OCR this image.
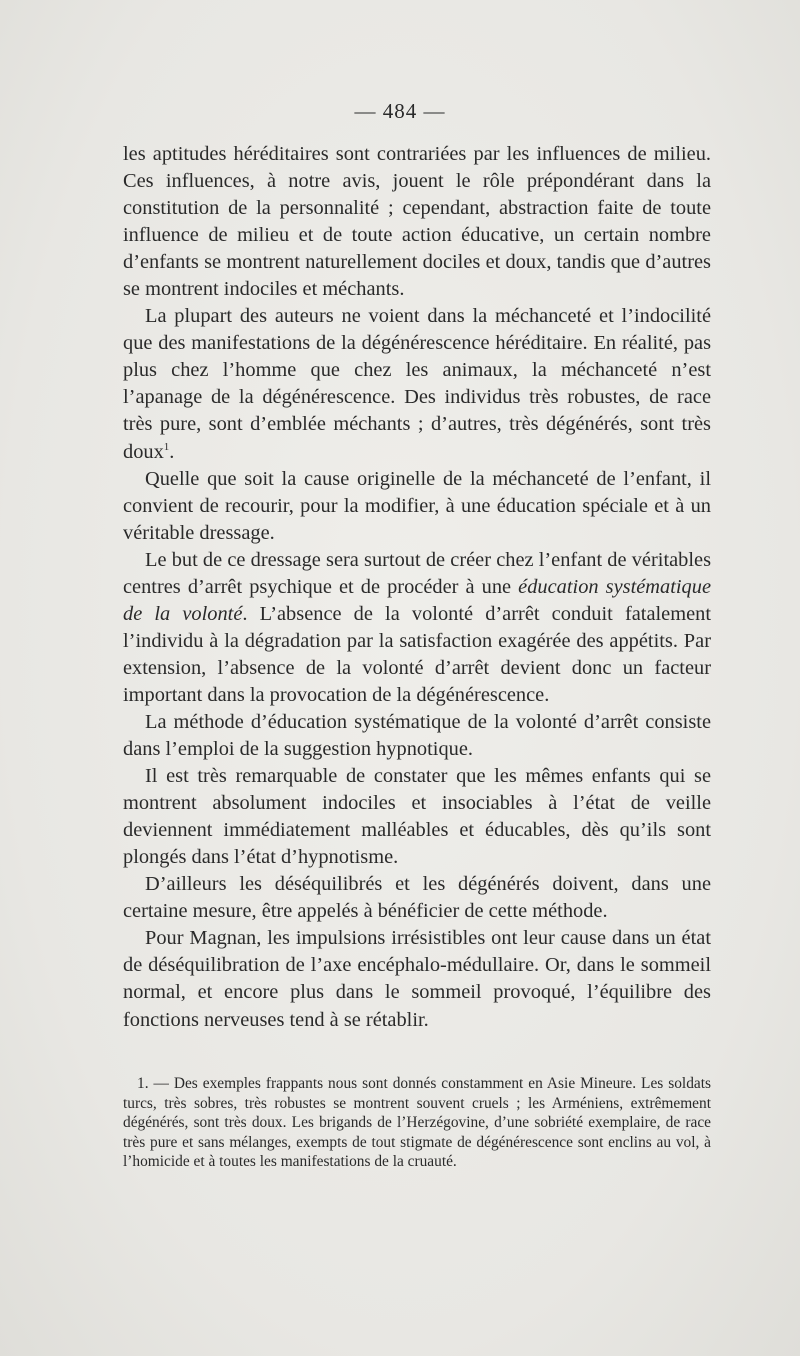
— 484 —

les aptitudes héréditaires sont contrariées par les influences de milieu. Ces influences, à notre avis, jouent le rôle prépondérant dans la constitution de la personnalité ; cependant, abstraction faite de toute influence de milieu et de toute action éducative, un certain nombre d’enfants se montrent naturellement dociles et doux, tandis que d’autres se montrent indociles et méchants.

La plupart des auteurs ne voient dans la méchanceté et l’indocilité que des manifestations de la dégénérescence héréditaire. En réalité, pas plus chez l’homme que chez les animaux, la méchanceté n’est l’apanage de la dégénérescence. Des individus très robustes, de race très pure, sont d’emblée méchants ; d’autres, très dégénérés, sont très doux$^1$.

Quelle que soit la cause originelle de la méchanceté de l’enfant, il convient de recourir, pour la modifier, à une éducation spéciale et à un véritable dressage.

Le but de ce dressage sera surtout de créer chez l’enfant de véritables centres d’arrêt psychique et de procéder à une éducation systématique de la volonté. L’absence de la volonté d’arrêt conduit fatalement l’individu à la dégradation par la satisfaction exagérée des appétits. Par extension, l’absence de la volonté d’arrêt devient donc un facteur important dans la provocation de la dégénérescence.

La méthode d’éducation systématique de la volonté d’arrêt consiste dans l’emploi de la suggestion hypnotique.

Il est très remarquable de constater que les mêmes enfants qui se montrent absolument indociles et insociables à l’état de veille deviennent immédiatement malléables et éducables, dès qu’ils sont plongés dans l’état d’hypnotisme.

D’ailleurs les déséquilibrés et les dégénérés doivent, dans une certaine mesure, être appelés à bénéficier de cette méthode.

Pour Magnan, les impulsions irrésistibles ont leur cause dans un état de déséquilibration de l’axe encéphalo-médullaire. Or, dans le sommeil normal, et encore plus dans le sommeil provoqué, l’équilibre des fonctions nerveuses tend à se rétablir.

1. — Des exemples frappants nous sont donnés constamment en Asie Mineure. Les soldats turcs, très sobres, très robustes se montrent souvent cruels ; les Arméniens, extrêmement dégénérés, sont très doux. Les brigands de l’Herzégovine, d’une sobriété exemplaire, de race très pure et sans mélanges, exempts de tout stigmate de dégénérescence sont enclins au vol, à l’homicide et à toutes les manifestations de la cruauté.
